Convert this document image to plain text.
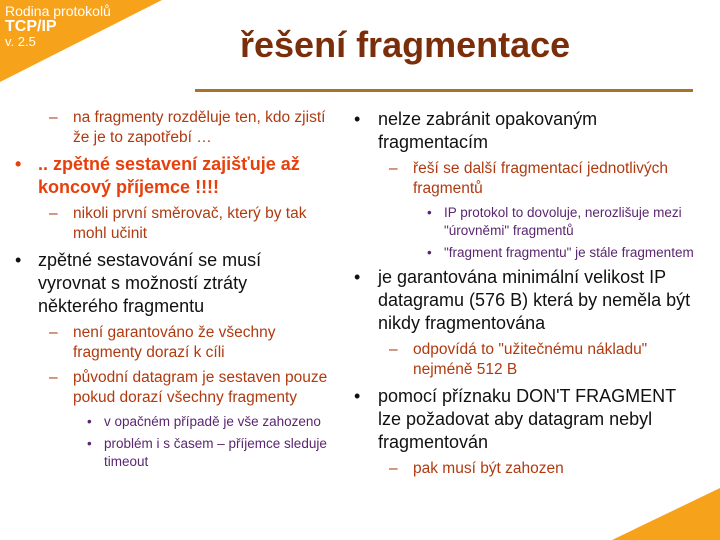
Rodina protokolů
TCP/IP
v. 2.5	řešení fragmentace
– na fragmenty rozděluje ten, kdo zjistí že je to zapotřebí …
• .. zpětné sestavení zajišťuje až koncový příjemce !!!!
– nikoli první směrovač, který by tak mohl učinit
• zpětné sestavování se musí vyrovnat s možností ztráty některého fragmentu
– není garantováno že všechny fragmenty dorazí k cíli
– původní datagram je sestaven pouze pokud dorazí všechny fragmenty
• v opačném případě je vše zahozeno
• problém i s časem – příjemce sleduje timeout
• nelze zabránit opakovaným fragmentacím
– řeší se další fragmentací jednotlivých fragmentů
• IP protokol to dovoluje, nerozlišuje mezi "úrovněmi" fragmentů
• "fragment fragmentu" je stále fragmentem
• je garantována minimální velikost IP datagramu (576 B) která by neměla být nikdy fragmentována
– odpovídá to "užitečnému nákladu" nejméně 512 B
• pomocí příznaku DON'T FRAGMENT lze požadovat aby datagram nebyl fragmentován
– pak musí být zahozen
